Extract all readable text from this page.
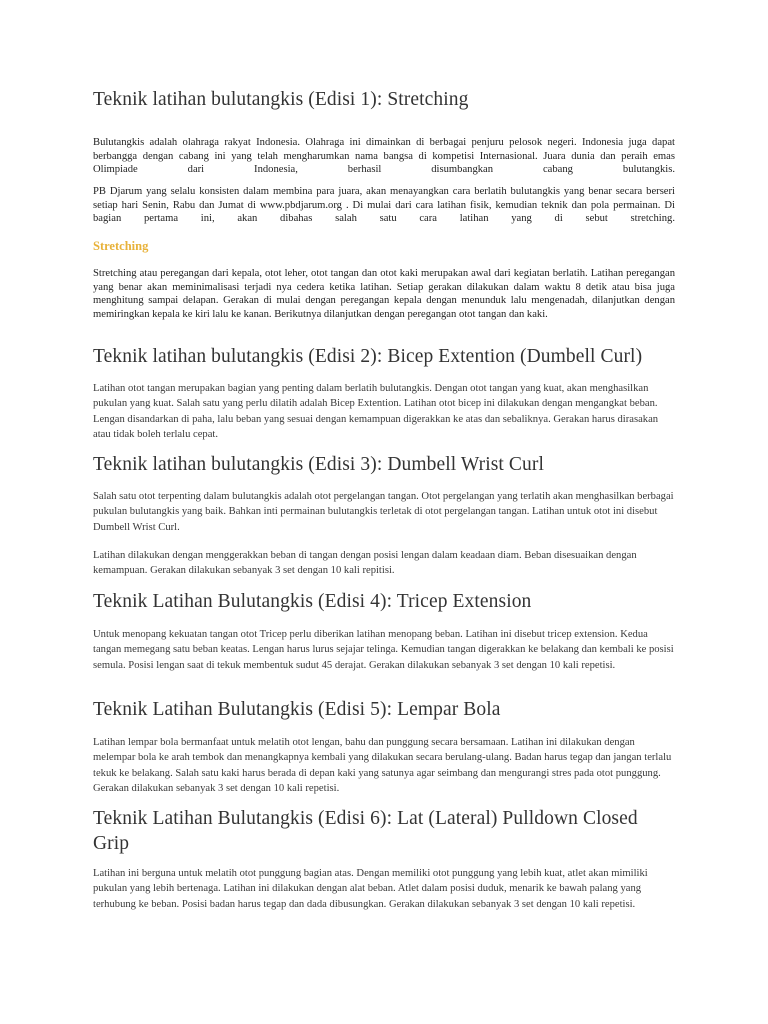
Teknik latihan bulutangkis (Edisi 1): Stretching

Bulutangkis adalah olahraga rakyat Indonesia. Olahraga ini dimainkan di berbagai penjuru pelosok negeri. Indonesia juga dapat berbangga dengan cabang ini yang telah mengharumkan nama bangsa di kompetisi Internasional. Juara dunia dan peraih emas Olimpiade dari Indonesia, berhasil disumbangkan cabang bulutangkis.

PB Djarum yang selalu konsisten dalam membina para juara, akan menayangkan cara berlatih bulutangkis yang benar secara berseri setiap hari Senin, Rabu dan Jumat di www.pbdjarum.org . Di mulai dari cara latihan fisik, kemudian teknik dan pola permainan. Di bagian pertama ini, akan dibahas salah satu cara latihan yang di sebut stretching.

Stretching

Stretching atau peregangan dari kepala, otot leher, otot tangan dan otot kaki merupakan awal dari kegiatan berlatih. Latihan peregangan yang benar akan meminimalisasi terjadi nya cedera ketika latihan. Setiap gerakan dilakukan dalam waktu 8 detik atau bisa juga menghitung sampai delapan. Gerakan di mulai dengan peregangan kepala dengan menunduk lalu mengenadah, dilanjutkan dengan memiringkan kepala ke kiri lalu ke kanan. Berikutnya dilanjutkan dengan peregangan otot tangan dan kaki.

Teknik latihan bulutangkis (Edisi 2): Bicep Extention (Dumbell Curl)

Latihan otot tangan merupakan bagian yang penting dalam berlatih bulutangkis. Dengan otot tangan yang kuat, akan menghasilkan pukulan yang kuat. Salah satu yang perlu dilatih adalah Bicep Extention. Latihan otot bicep ini dilakukan dengan mengangkat beban. Lengan disandarkan di paha, lalu beban yang sesuai dengan kemampuan digerakkan ke atas dan sebaliknya. Gerakan harus dirasakan atau tidak boleh terlalu cepat.

Teknik latihan bulutangkis (Edisi 3): Dumbell Wrist Curl

Salah satu otot terpenting dalam bulutangkis adalah otot pergelangan tangan. Otot pergelangan yang terlatih akan menghasilkan berbagai pukulan bulutangkis yang baik. Bahkan inti permainan bulutangkis terletak di otot pergelangan tangan. Latihan untuk otot ini disebut Dumbell Wrist Curl.

Latihan dilakukan dengan menggerakkan beban di tangan dengan posisi lengan dalam keadaan diam. Beban disesuaikan dengan kemampuan. Gerakan dilakukan sebanyak 3 set dengan 10 kali repitisi.

Teknik Latihan Bulutangkis (Edisi 4): Tricep Extension

Untuk menopang kekuatan tangan otot Tricep perlu diberikan latihan menopang beban. Latihan ini disebut tricep extension. Kedua tangan memegang satu beban keatas. Lengan harus lurus sejajar telinga. Kemudian tangan digerakkan ke belakang dan kembali ke posisi semula. Posisi lengan saat di tekuk membentuk sudut 45 derajat. Gerakan dilakukan sebanyak 3 set dengan 10 kali repetisi.

Teknik Latihan Bulutangkis (Edisi 5): Lempar Bola

Latihan lempar bola bermanfaat untuk melatih otot lengan, bahu dan punggung secara bersamaan. Latihan ini dilakukan dengan melempar bola ke arah tembok dan menangkapnya kembali yang dilakukan secara berulang-ulang. Badan harus tegap dan jangan terlalu tekuk ke belakang. Salah satu kaki harus berada di depan kaki yang satunya agar seimbang dan mengurangi stres pada otot punggung. Gerakan dilakukan sebanyak 3 set dengan 10 kali repetisi.

Teknik Latihan Bulutangkis (Edisi 6): Lat (Lateral) Pulldown Closed Grip

Latihan ini berguna untuk melatih otot punggung bagian atas. Dengan memiliki otot punggung yang lebih kuat, atlet akan mimiliki pukulan yang lebih bertenaga. Latihan ini dilakukan dengan alat beban. Atlet dalam posisi duduk, menarik ke bawah palang yang terhubung ke beban. Posisi badan harus tegap dan dada dibusungkan. Gerakan dilakukan sebanyak 3 set dengan 10 kali repetisi.
